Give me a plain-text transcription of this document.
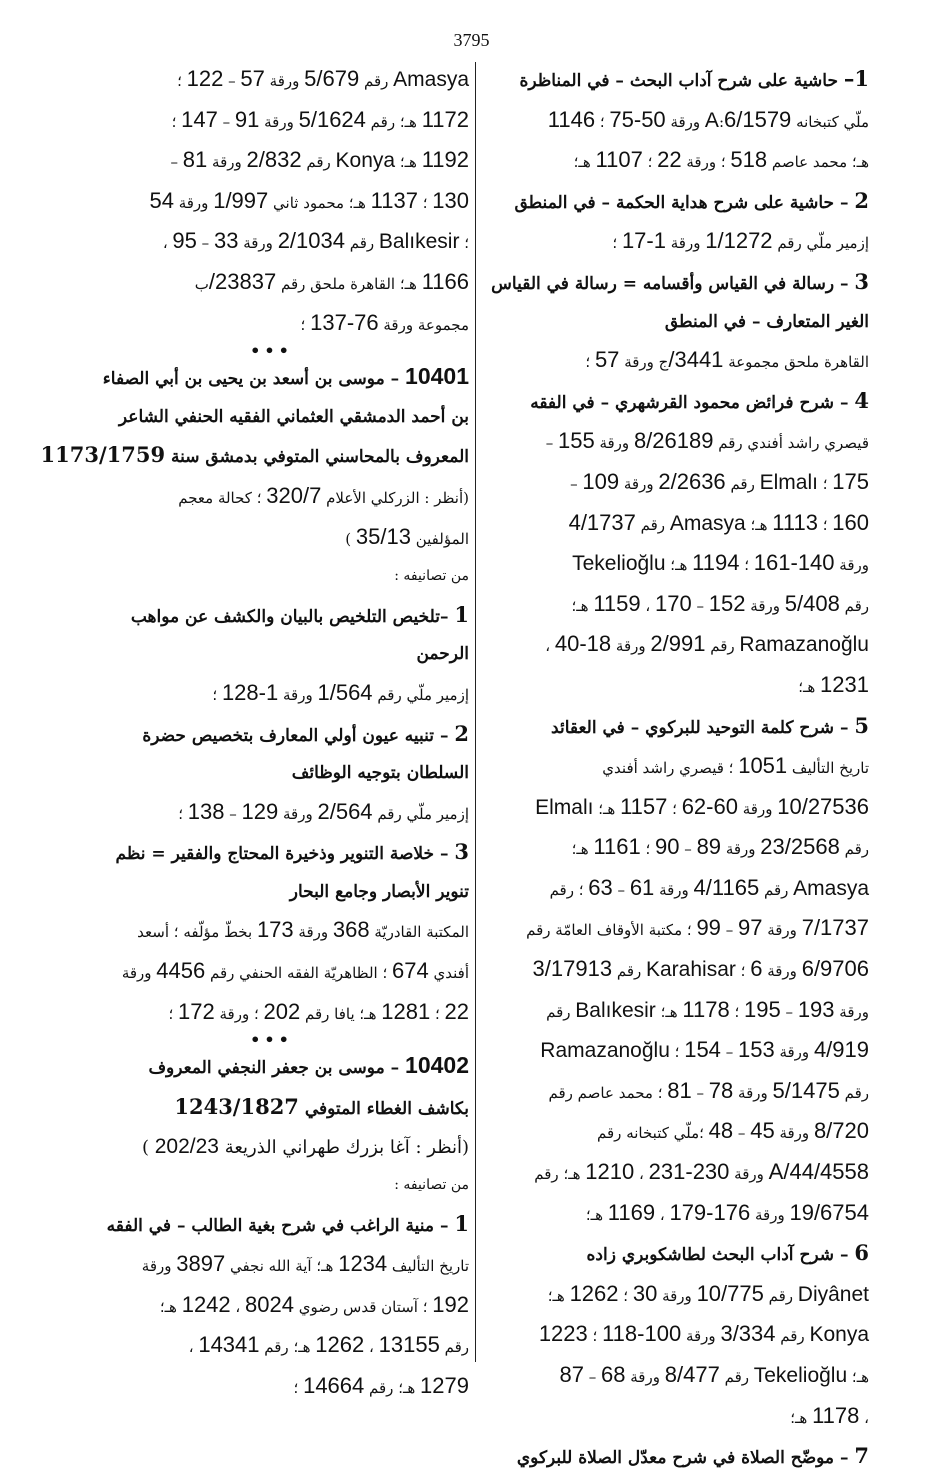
3795
1– حاشية على شرح آداب البحث – في المناظرة
ملّي كتبخانه A:6/1579 ورقة 50-75 ؛ 1146
هـ؛ محمد عاصم 518 ؛ ورقة 22 ؛ 1107 هـ؛
2 – حاشية على شرح هداية الحكمة – في المنطق
إزمير ملّي رقم 1/1272 ورقة 1-17 ؛
3 – رسالة في القياس وأقسامه = رسالة في القياس
الغير المتعارف – في المنطق
القاهرة ملحق مجموعة 3441/ج ورقة 57 ؛
4 – شرح فرائض محمود القرشهري – في الفقه
قيصري راشد أفندي رقم 8/26189 ورقة 155 –
175 ؛ Elmalı رقم 2/2636 ورقة 109 –
160 ؛ 1113 هـ؛ Amasya رقم 4/1737
ورقة 140-161 ؛ 1194 هـ؛ Tekelioğlu
رقم 5/408 ورقة 152 – 170 ، 1159 هـ؛
Ramazanoğlu رقم 2/991 ورقة 18-40 ،
1231 هـ؛
5 – شرح كلمة التوحيد للبركوي – في العقائد
تاريخ التأليف 1051 ؛ قيصري راشد أفندي
10/27536 ورقة 60-62 ؛ 1157 هـ؛ Elmalı
رقم 23/2568 ورقة 89 – 90 ؛ 1161 هـ؛
Amasya رقم 4/1165 ورقة 61 – 63 ؛ رقم
7/1737 ورقة 97 – 99 ؛ مكتبة الأوقاف العامّة رقم
6/9706 ورقة 6 ؛ Karahisar رقم 3/17913
ورقة 193 – 195 ؛ 1178 هـ؛ Balıkesir رقم
4/919 ورقة 153 – 154 ؛ Ramazanoğlu
رقم 5/1475 ورقة 78 – 81 ؛ محمد عاصم رقم
8/720 ورقة 45 – 48 ؛ملّي كتبخانه رقم
44/4558/A ورقة 230-231 ، 1210 هـ؛ رقم
19/6754 ورقة 176-179 ، 1169 هـ؛
6 – شرح آداب البحث لطاشكوبري زاده
Diyânet رقم 10/775 ورقة 30 ؛ 1262 هـ؛
Konya رقم 3/334 ورقة 100-118 ؛ 1223
هـ؛ Tekelioğlu رقم 8/477 ورقة 68 – 87
، 1178 هـ؛
7 – موضّح الصلاة في شرح معدّل الصلاة للبركوي
Amasya رقم 5/679 ورقة 57 – 122 ؛
1172 هـ؛ رقم 5/1624 ورقة 91 – 147 ؛
1192 هـ؛ Konya رقم 2/832 ورقة 81 –
130 ؛ 1137 هـ؛ محمود ثاني 1/997 ورقة 54
؛ Balıkesir رقم 2/1034 ورقة 33 – 95 ،
1166 هـ؛ القاهرة ملحق رقم 23837/ب
مجموعة ورقة 76-137 ؛
•••
10401 – موسى بن أسعد بن يحيى بن أبي الصفاء
بن أحمد الدمشقي العثماني الفقيه الحنفي الشاعر
المعروف بالمحاسني المتوفي بدمشق سنة 1173/1759
(أنظر : الزركلي الأعلام 320/7 ؛ كحالة معجم
المؤلفين 35/13 )
من تصانيفه :
1 –تلخيص التلخيص بالبيان والكشف عن مواهب
الرحمن
إزمير ملّي رقم 1/564 ورقة 1-128 ؛
2 – تنبيه عيون أولي المعارف بتخصيص حضرة
السلطان بتوجيه الوظائف
إزمير ملّي رقم 2/564 ورقة 129 – 138 ؛
3 – خلاصة التنوير وذخيرة المحتاج والفقير = نظم
تنوير الأبصار وجامع البحار
المكتبة القادريّة 368 ورقة 173 بخطّ مؤلّفه ؛ أسعد
أفندي 674 ؛ الظاهريّة الفقه الحنفي رقم 4456 ورقة
22 ؛ 1281 هـ؛ يافا رقم 202 ؛ ورقة 172 ؛
•••
10402 – موسى بن جعفر النجفي المعروف
بكاشف الغطاء المتوفي 1243/1827
(أنظر : آغا بزرك طهراني الذريعة 202/23 )
من تصانيفه :
1 – منية الراغب في شرح بغية الطالب – في الفقه
تاريخ التأليف 1234 هـ؛ آية الله نجفي 3897 ورقة
192 ؛ آستان قدس رضوي 8024 ، 1242 هـ؛
رقم 13155 ، 1262 هـ؛ رقم 14341 ،
1279 هـ؛ رقم 14664 ؛
